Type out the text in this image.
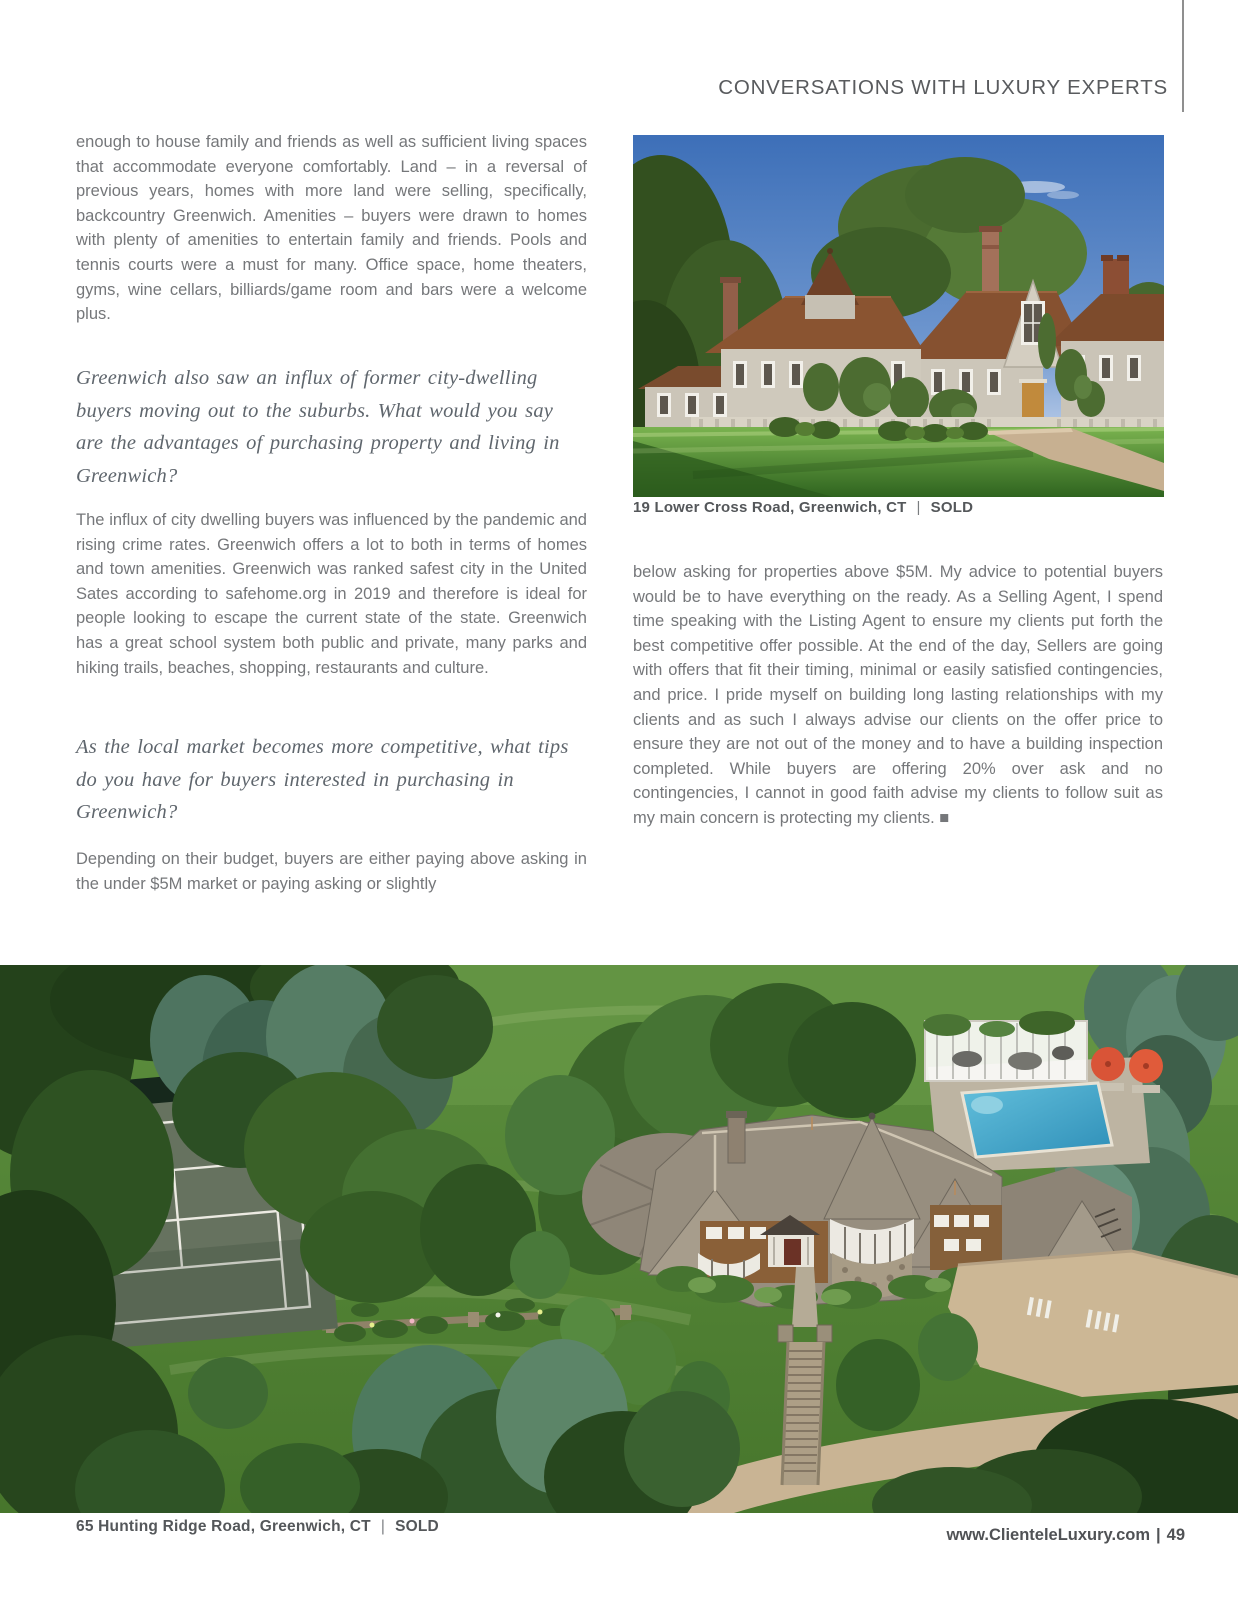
CONVERSATIONS WITH LUXURY EXPERTS

enough to house family and friends as well as sufficient living spaces that accommodate everyone comfortably. Land – in a reversal of previous years, homes with more land were selling, specifically, backcountry Greenwich. Amenities – buyers were drawn to homes with plenty of amenities to entertain family and friends. Pools and tennis courts were a must for many. Office space, home theaters, gyms, wine cellars, billiards/game room and bars were a welcome plus.

Greenwich also saw an influx of former city-dwelling buyers moving out to the suburbs. What would you say are the advantages of purchasing property and living in Greenwich?

The influx of city dwelling buyers was influenced by the pandemic and rising crime rates. Greenwich offers a lot to both in terms of homes and town amenities. Greenwich was ranked safest city in the United Sates according to safehome.org in 2019 and therefore is ideal for people looking to escape the current state of the state. Greenwich has a great school system both public and private, many parks and hiking trails, beaches, shopping, restaurants and culture.

As the local market becomes more competitive, what tips do you have for buyers interested in purchasing in Greenwich?

Depending on their budget, buyers are either paying above asking in the under $5M market or paying asking or slightly

19 Lower Cross Road, Greenwich, CT | SOLD

below asking for properties above $5M. My advice to potential buyers would be to have everything on the ready. As a Selling Agent, I spend time speaking with the Listing Agent to ensure my clients put forth the best competitive offer possible. At the end of the day, Sellers are going with offers that fit their timing, minimal or easily satisfied contingencies, and price. I pride myself on building long lasting relationships with my clients and as such I always advise our clients on the offer price to ensure they are not out of the money and to have a building inspection completed. While buyers are offering 20% over ask and no contingencies, I cannot in good faith advise my clients to follow suit as my main concern is protecting my clients. ■

65 Hunting Ridge Road, Greenwich, CT | SOLD	www.ClienteleLuxury.com | 49
